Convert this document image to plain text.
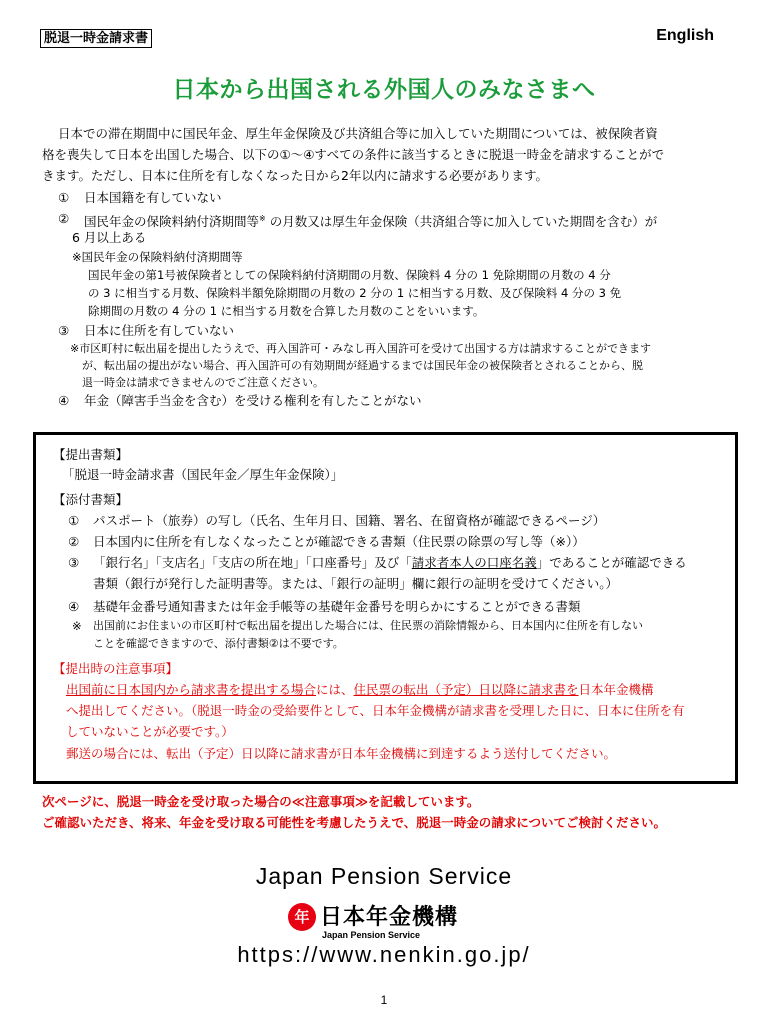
脱退一時金請求書	English
日本から出国される外国人のみなさまへ
日本での滞在期間中に国民年金、厚生年金保険及び共済組合等に加入していた期間については、被保険者資
格を喪失して日本を出国した場合、以下の①～④すべての条件に該当するときに脱退一時金を請求することがで
きます。ただし、日本に住所を有しなくなった日から2年以内に請求する必要があります。
① 日本国籍を有していない
② 国民年金の保険料納付済期間等※ の月数又は厚生年金保険（共済組合等に加入していた期間を含む）が
6 月以上ある
※国民年金の保険料納付済期間等
国民年金の第1号被保険者としての保険料納付済期間の月数、保険料 4 分の 1 免除期間の月数の 4 分
の 3 に相当する月数、保険料半額免除期間の月数の 2 分の 1 に相当する月数、及び保険料 4 分の 3 免
除期間の月数の 4 分の 1 に相当する月数を合算した月数のことをいいます。
③ 日本に住所を有していない
※市区町村に転出届を提出したうえで、再入国許可・みなし再入国許可を受けて出国する方は請求することができます
が、転出届の提出がない場合、再入国許可の有効期間が経過するまでは国民年金の被保険者とされることから、脱
退一時金は請求できませんのでご注意ください。
④ 年金（障害手当金を含む）を受ける権利を有したことがない
【提出書類】
「脱退一時金請求書（国民年金／厚生年金保険）」
【添付書類】
① パスポート（旅券）の写し（氏名、生年月日、国籍、署名、在留資格が確認できるページ）
② 日本国内に住所を有しなくなったことが確認できる書類（住民票の除票の写し等（※））
③ 「銀行名」「支店名」「支店の所在地」「口座番号」及び「請求者本人の口座名義」であることが確認できる
書類（銀行が発行した証明書等。または、「銀行の証明」欄に銀行の証明を受けてください。）
④ 基礎年金番号通知書または年金手帳等の基礎年金番号を明らかにすることができる書類
※ 出国前にお住まいの市区町村で転出届を提出した場合には、住民票の消除情報から、日本国内に住所を有しない
ことを確認できますので、添付書類②は不要です。
【提出時の注意事項】
出国前に日本国内から請求書を提出する場合には、住民票の転出（予定）日以降に請求書を日本年金機構
へ提出してください。（脱退一時金の受給要件として、日本年金機構が請求書を受理した日に、日本に住所を有
していないことが必要です。）
郵送の場合には、転出（予定）日以降に請求書が日本年金機構に到達するよう送付してください。
次ページに、脱退一時金を受け取った場合の≪注意事項≫を記載しています。
ご確認いただき、将来、年金を受け取る可能性を考慮したうえで、脱退一時金の請求についてご検討ください。
Japan Pension Service
年 日本年金機構
Japan Pension Service
https://www.nenkin.go.jp/
1
